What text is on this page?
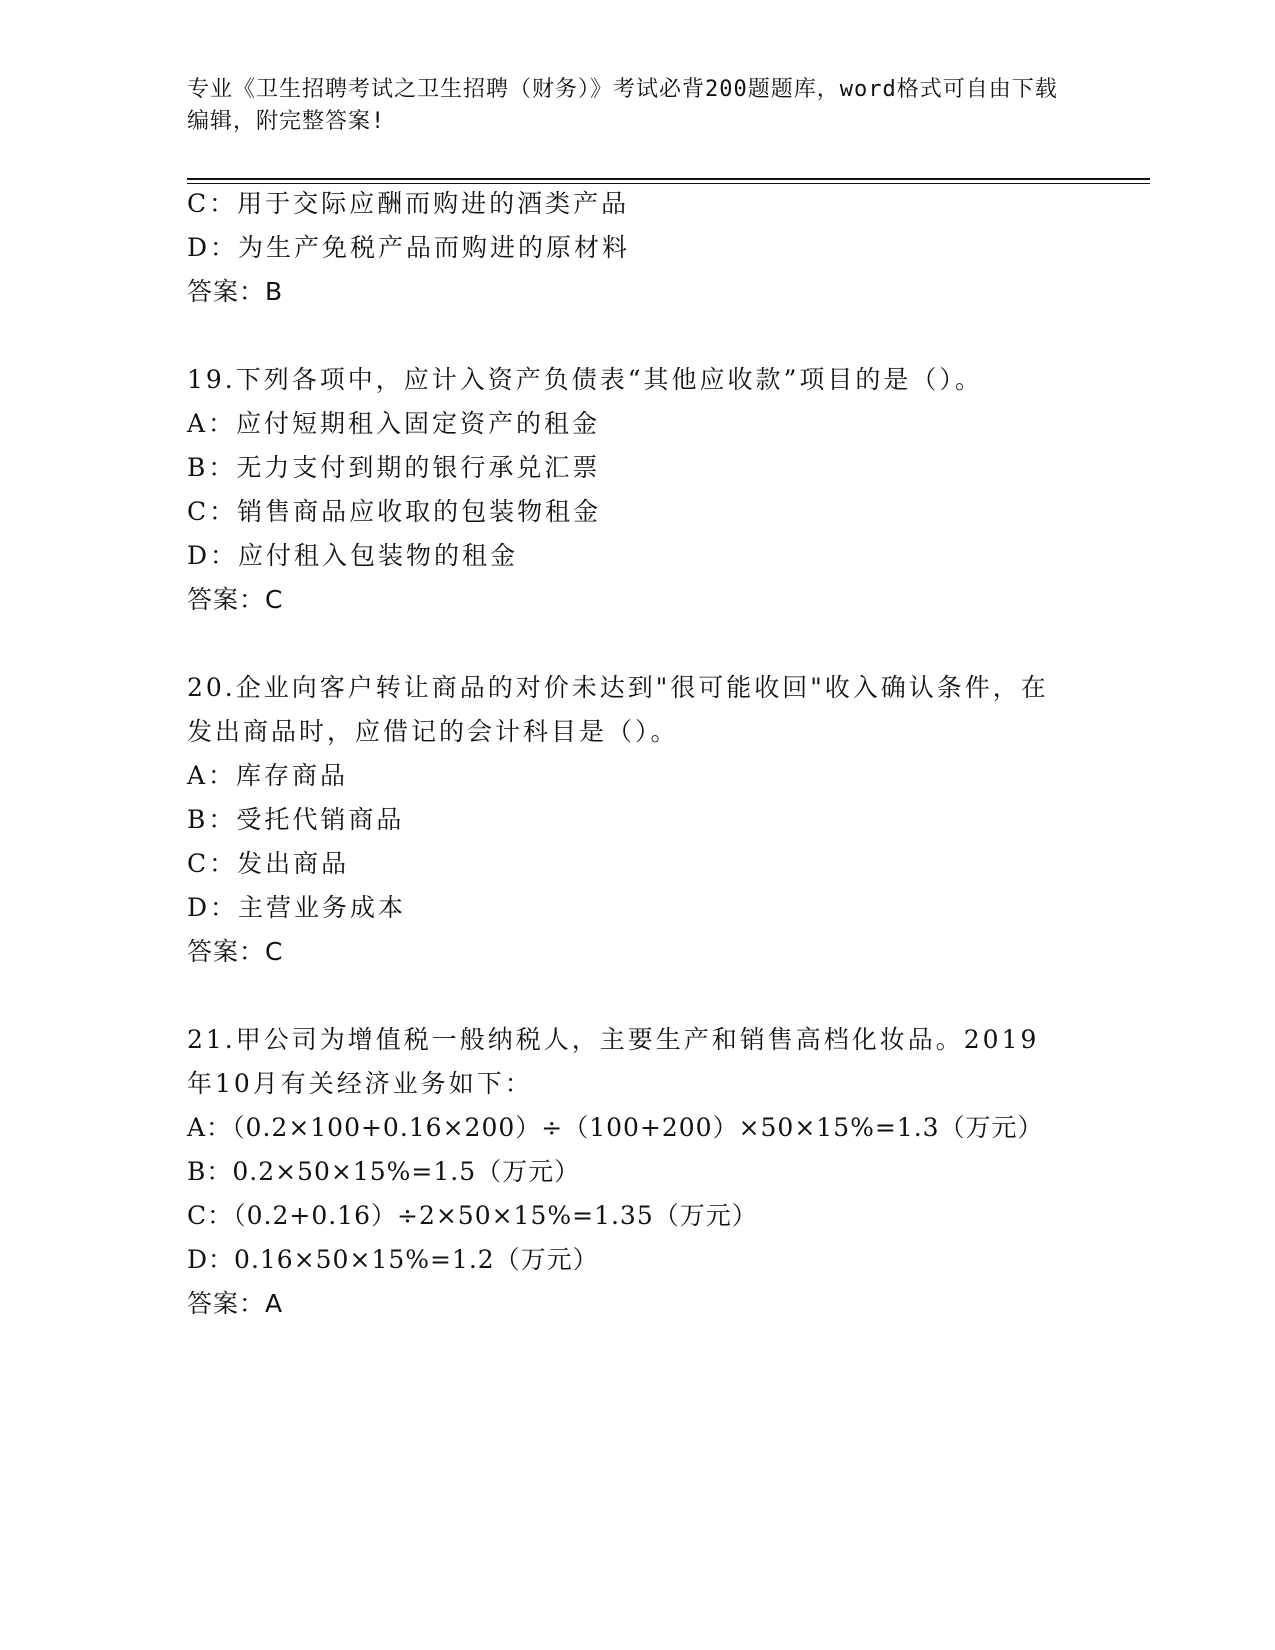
专业《卫生招聘考试之卫生招聘（财务）》考试必背200题题库，word格式可自由下载编辑，附完整答案!
C：用于交际应酬而购进的酒类产品
D：为生产免税产品而购进的原材料
答案：B
19.下列各项中，应计入资产负债表“其他应收款”项目的是（）。
A：应付短期租入固定资产的租金
B：无力支付到期的银行承兑汇票
C：销售商品应收取的包装物租金
D：应付租入包装物的租金
答案：C
20.企业向客户转让商品的对价未达到"很可能收回"收入确认条件，在
发出商品时，应借记的会计科目是（）。
A：库存商品
B：受托代销商品
C：发出商品
D：主营业务成本
答案：C
21.甲公司为增值税一般纳税人，主要生产和销售高档化妆品。2019
年10月有关经济业务如下：
A：（0.2×100+0.16×200）÷（100+200）×50×15%=1.3（万元）
B：0.2×50×15%=1.5（万元）
C：（0.2+0.16）÷2×50×15%=1.35（万元）
D：0.16×50×15%=1.2（万元）
答案：A
